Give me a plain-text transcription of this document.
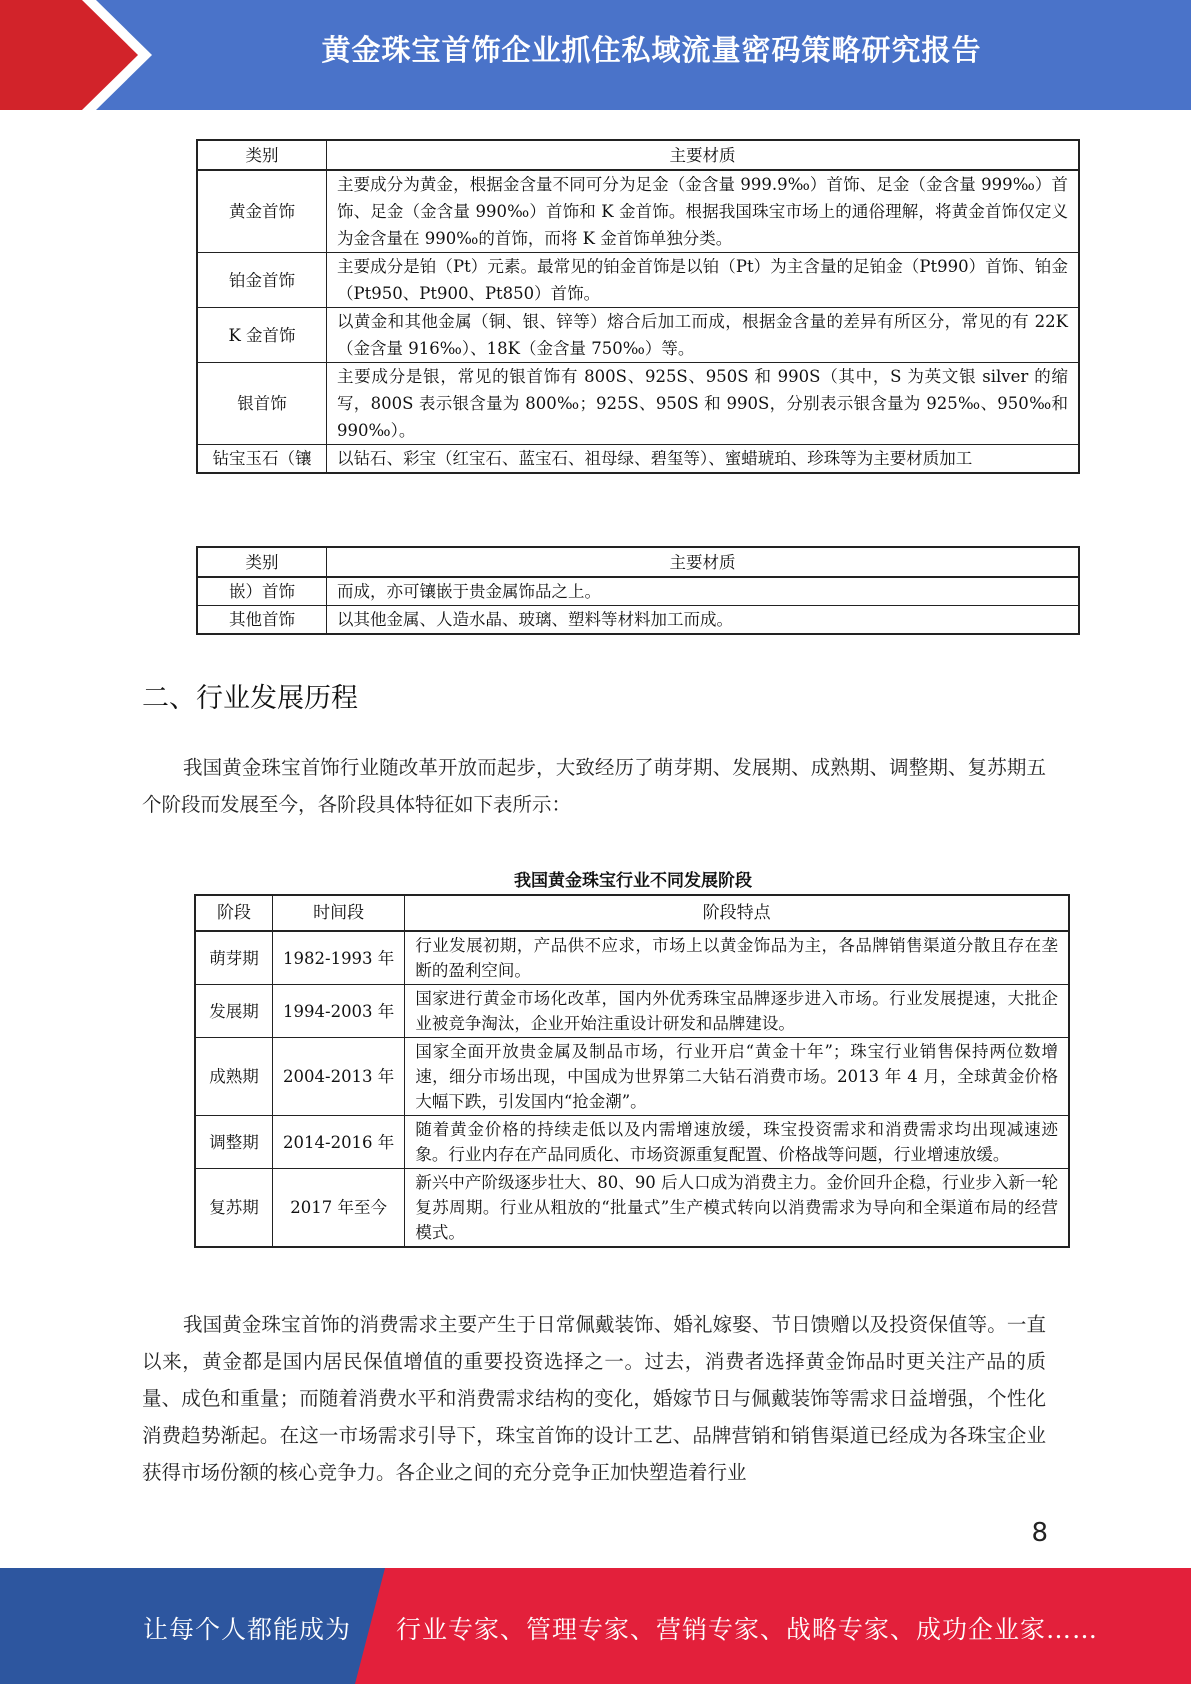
黄金珠宝首饰企业抓住私域流量密码策略研究报告
类别	主要材质
黄金首饰	主要成分为黄金，根据金含量不同可分为足金（金含量 999.9‰）首饰、足金（金含量 999‰）首饰、足金（金含量 990‰）首饰和 K 金首饰。根据我国珠宝市场上的通俗理解，将黄金首饰仅定义为金含量在 990‰的首饰，而将 K 金首饰单独分类。
铂金首饰	主要成分是铂（Pt）元素。最常见的铂金首饰是以铂（Pt）为主含量的足铂金（Pt990）首饰、铂金（Pt950、Pt900、Pt850）首饰。
K 金首饰	以黄金和其他金属（铜、银、锌等）熔合后加工而成，根据金含量的差异有所区分，常见的有 22K（金含量 916‰）、18K（金含量 750‰）等。
银首饰	主要成分是银，常见的银首饰有 800S、925S、950S 和 990S（其中，S 为英文银 silver 的缩写，800S 表示银含量为 800‰；925S、950S 和 990S，分别表示银含量为 925‰、950‰和 990‰）。
钻宝玉石（镶	以钻石、彩宝（红宝石、蓝宝石、祖母绿、碧玺等）、蜜蜡琥珀、珍珠等为主要材质加工
类别	主要材质
嵌）首饰	而成，亦可镶嵌于贵金属饰品之上。
其他首饰	以其他金属、人造水晶、玻璃、塑料等材料加工而成。
二、行业发展历程
我国黄金珠宝首饰行业随改革开放而起步，大致经历了萌芽期、发展期、成熟期、调整期、复苏期五个阶段而发展至今，各阶段具体特征如下表所示：
我国黄金珠宝行业不同发展阶段
阶段	时间段	阶段特点
萌芽期	1982-1993 年	行业发展初期，产品供不应求，市场上以黄金饰品为主，各品牌销售渠道分散且存在垄断的盈利空间。
发展期	1994-2003 年	国家进行黄金市场化改革，国内外优秀珠宝品牌逐步进入市场。行业发展提速，大批企业被竞争淘汰，企业开始注重设计研发和品牌建设。
成熟期	2004-2013 年	国家全面开放贵金属及制品市场，行业开启“黄金十年”；珠宝行业销售保持两位数增速，细分市场出现，中国成为世界第二大钻石消费市场。2013 年 4 月，全球黄金价格大幅下跌，引发国内“抢金潮”。
调整期	2014-2016 年	随着黄金价格的持续走低以及内需增速放缓，珠宝投资需求和消费需求均出现减速迹象。行业内存在产品同质化、市场资源重复配置、价格战等问题，行业增速放缓。
复苏期	2017 年至今	新兴中产阶级逐步壮大、80、90 后人口成为消费主力。金价回升企稳，行业步入新一轮复苏周期。行业从粗放的“批量式”生产模式转向以消费需求为导向和全渠道布局的经营模式。
我国黄金珠宝首饰的消费需求主要产生于日常佩戴装饰、婚礼嫁娶、节日馈赠以及投资保值等。一直以来，黄金都是国内居民保值增值的重要投资选择之一。过去，消费者选择黄金饰品时更关注产品的质量、成色和重量；而随着消费水平和消费需求结构的变化，婚嫁节日与佩戴装饰等需求日益增强，个性化消费趋势渐起。在这一市场需求引导下，珠宝首饰的设计工艺、品牌营销和销售渠道已经成为各珠宝企业获得市场份额的核心竞争力。各企业之间的充分竞争正加快塑造着行业
8
让每个人都能成为 行业专家、管理专家、营销专家、战略专家、成功企业家……
